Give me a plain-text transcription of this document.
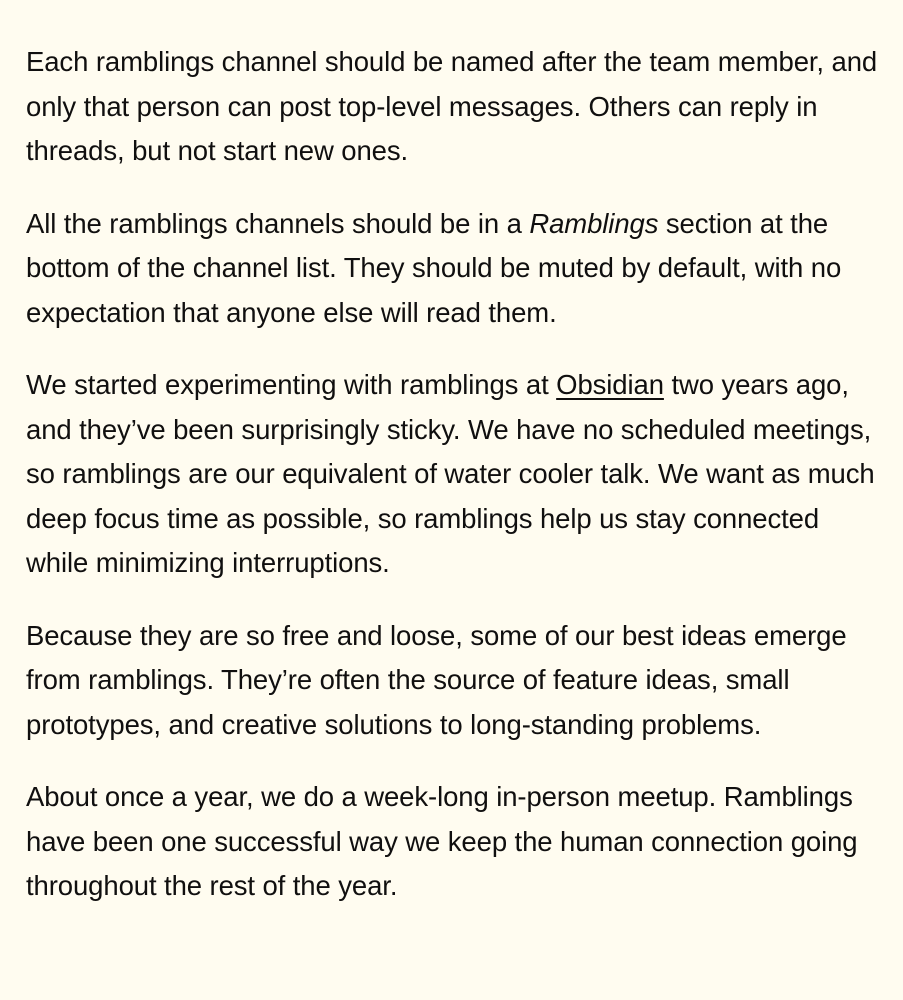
Each ramblings channel should be named after the team member, and only that person can post top-level messages. Others can reply in threads, but not start new ones.

All the ramblings channels should be in a Ramblings section at the bottom of the channel list. They should be muted by default, with no expectation that anyone else will read them.

We started experimenting with ramblings at Obsidian two years ago, and they’ve been surprisingly sticky. We have no scheduled meetings, so ramblings are our equivalent of water cooler talk. We want as much deep focus time as possible, so ramblings help us stay connected while minimizing interruptions.

Because they are so free and loose, some of our best ideas emerge from ramblings. They’re often the source of feature ideas, small prototypes, and creative solutions to long-standing problems.

About once a year, we do a week-long in-person meetup. Ramblings have been one successful way we keep the human connection going throughout the rest of the year.
